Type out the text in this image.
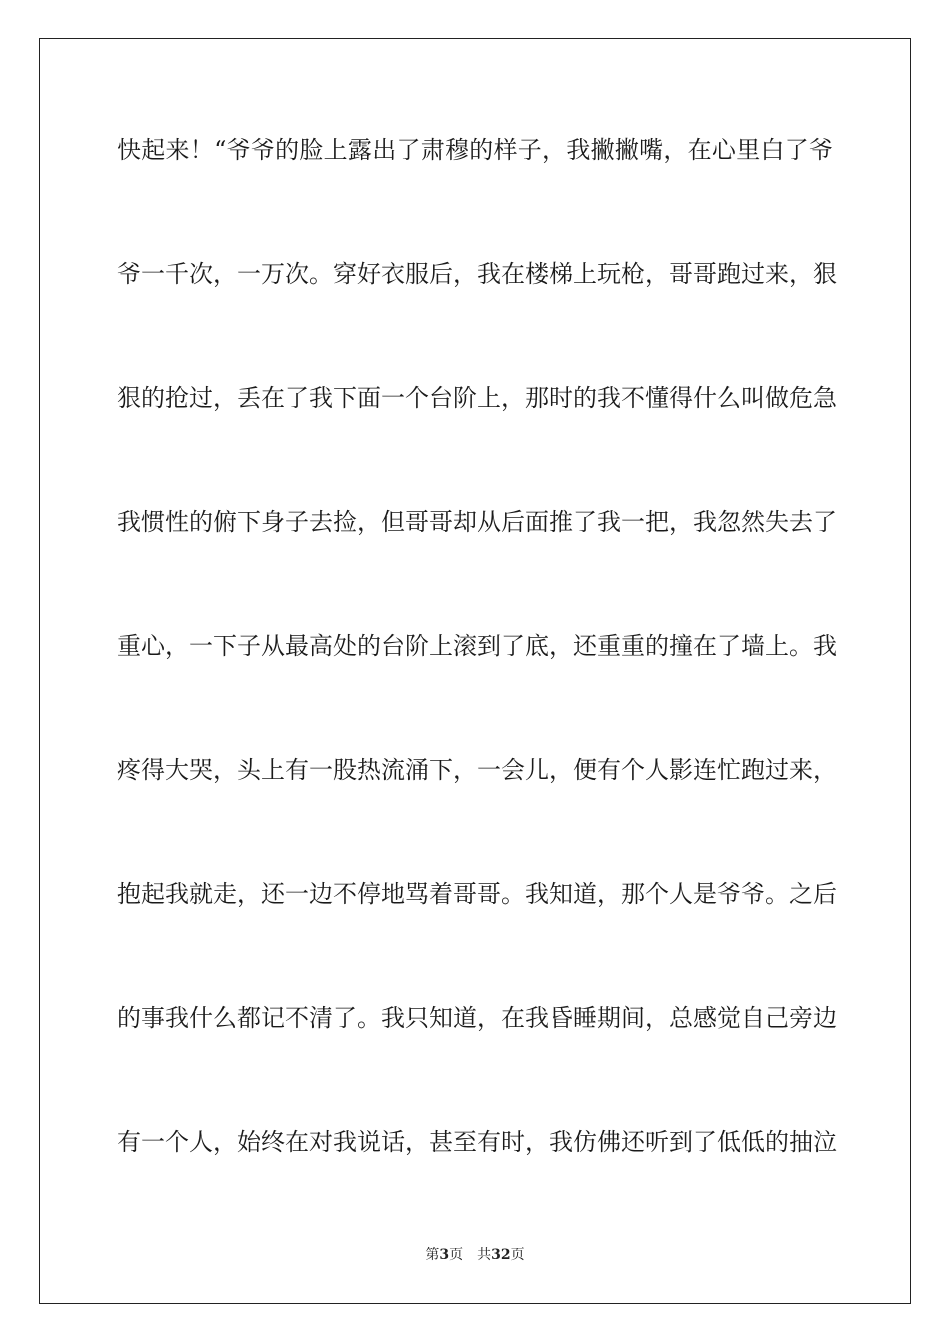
快起来！“爷爷的脸上露出了肃穆的样子，我撇撇嘴，在心里白了爷
爷一千次，一万次。穿好衣服后，我在楼梯上玩枪，哥哥跑过来，狠
狠的抢过，丢在了我下面一个台阶上，那时的我不懂得什么叫做危急
我惯性的俯下身子去捡，但哥哥却从后面推了我一把，我忽然失去了
重心，一下子从最高处的台阶上滚到了底，还重重的撞在了墙上。我
疼得大哭，头上有一股热流涌下，一会儿，便有个人影连忙跑过来，
抱起我就走，还一边不停地骂着哥哥。我知道，那个人是爷爷。之后
的事我什么都记不清了。我只知道，在我昏睡期间，总感觉自己旁边
有一个人，始终在对我说话，甚至有时，我仿佛还听到了低低的抽泣
第3页 共32页
